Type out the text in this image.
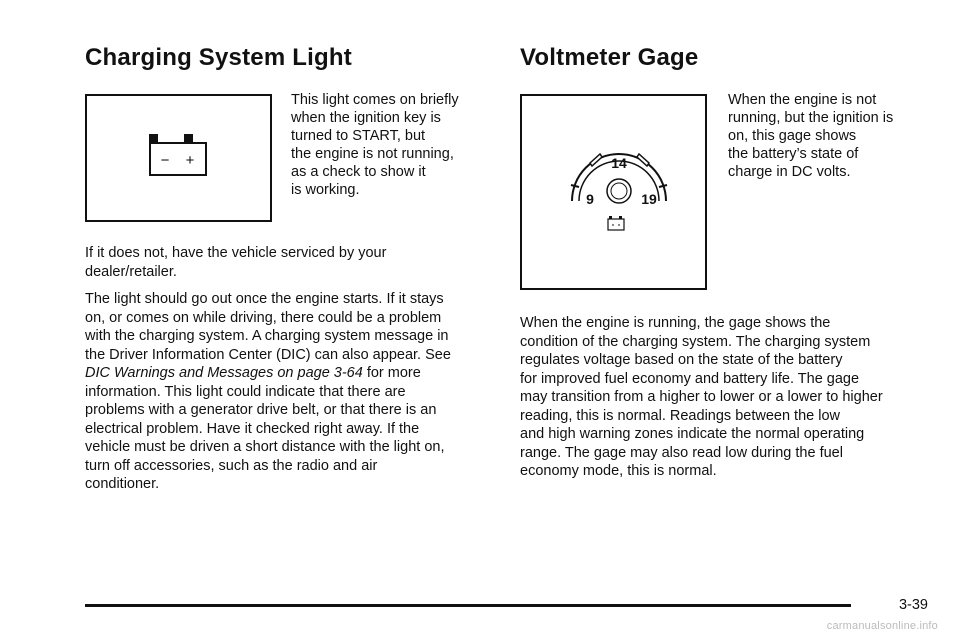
Charging System Light
− +

This light comes on briefly
when the ignition key is
turned to START, but
the engine is not running,
as a check to show it
is working.

If it does not, have the vehicle serviced by your
dealer/retailer.

The light should go out once the engine starts. If it stays
on, or comes on while driving, there could be a problem
with the charging system. A charging system message in
the Driver Information Center (DIC) can also appear. See
DIC Warnings and Messages on page 3-64 for more
information. This light could indicate that there are
problems with a generator drive belt, or that there is an
electrical problem. Have it checked right away. If the
vehicle must be driven a short distance with the light on,
turn off accessories, such as the radio and air
conditioner.

Voltmeter Gage
14
9	19

When the engine is not
running, but the ignition is
on, this gage shows
the battery’s state of
charge in DC volts.

When the engine is running, the gage shows the
condition of the charging system. The charging system
regulates voltage based on the state of the battery
for improved fuel economy and battery life. The gage
may transition from a higher to lower or a lower to higher
reading, this is normal. Readings between the low
and high warning zones indicate the normal operating
range. The gage may also read low during the fuel
economy mode, this is normal.

3-39
carmanualsonline.info
